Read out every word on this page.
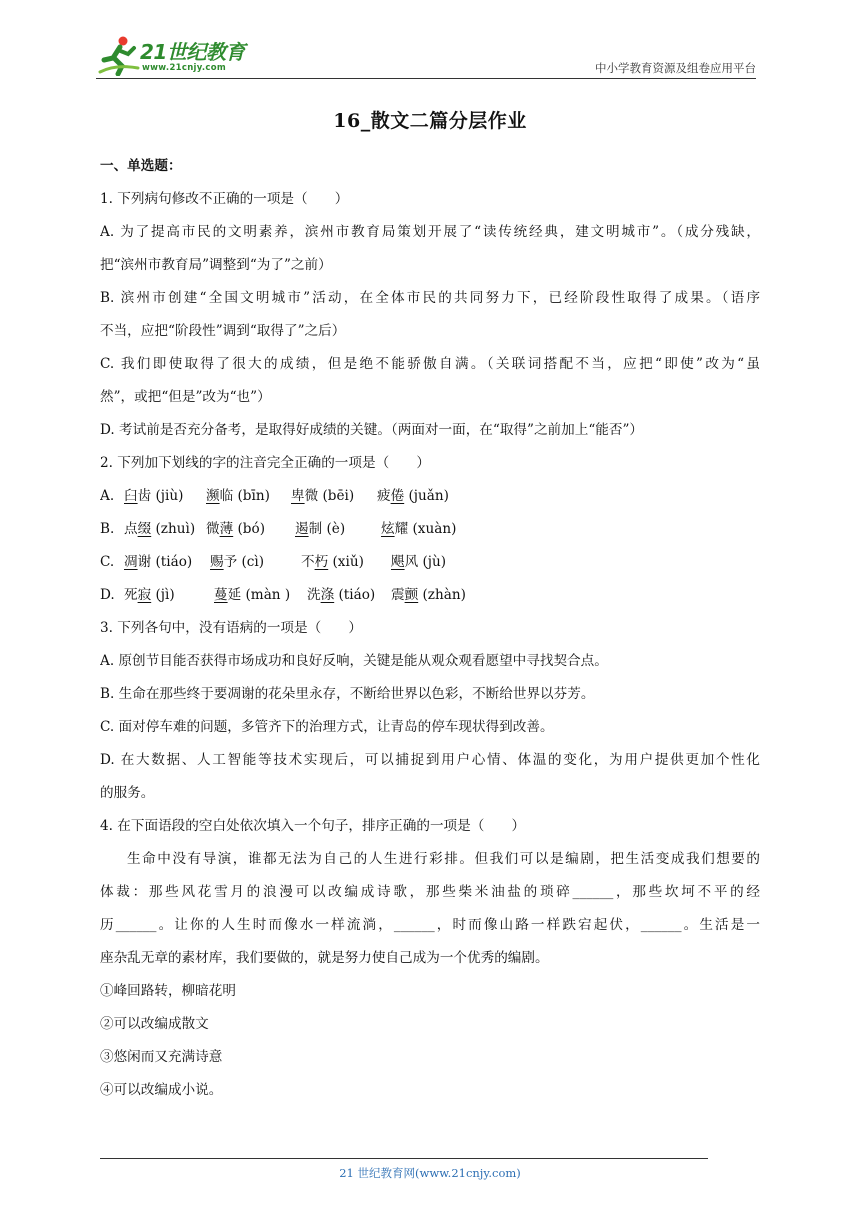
21世纪教育
www.21cnjy.com	中小学教育资源及组卷应用平台
16_散文二篇分层作业
一、单选题：
1. 下列病句修改不正确的一项是（　　）
A. 为了提高市民的文明素养，滨州市教育局策划开展了“读传统经典，建文明城市”。（成分残缺，
把“滨州市教育局”调整到“为了”之前）
B. 滨州市创建“全国文明城市”活动，在全体市民的共同努力下，已经阶段性取得了成果。（语序
不当，应把“阶段性”调到“取得了”之后）
C. 我们即使取得了很大的成绩，但是绝不能骄傲自满。（关联词搭配不当，应把“即使”改为“虽
然”，或把“但是”改为“也”）
D. 考试前是否充分备考，是取得好成绩的关键。（两面对一面，在“取得”之前加上“能否”）
2. 下列加下划线的字的注音完全正确的一项是（　　）
A. 臼齿 (jiù)	濒临 (bīn)	卑微 (bēi)	疲倦 (juǎn)
B. 点缀 (zhuì) 微薄 (bó)	遏制 (è)	炫耀 (xuàn)
C. 凋谢 (tiáo)	赐予 (cì)	不朽 (xiǔ)	飓风 (jù)
D. 死寂 (jì)	蔓延 (màn )	洗涤 (tiáo)	震颤 (zhàn)
3. 下列各句中，没有语病的一项是（　　）
A. 原创节目能否获得市场成功和良好反响，关键是能从观众观看愿望中寻找契合点。
B. 生命在那些终于要凋谢的花朵里永存，不断给世界以色彩，不断给世界以芬芳。
C. 面对停车难的问题，多管齐下的治理方式，让青岛的停车现状得到改善。
D. 在大数据、人工智能等技术实现后，可以捕捉到用户心情、体温的变化，为用户提供更加个性化
的服务。
4. 在下面语段的空白处依次填入一个句子，排序正确的一项是（　　）
生命中没有导演，谁都无法为自己的人生进行彩排。但我们可以是编剧，把生活变成我们想要的
体裁：那些风花雪月的浪漫可以改编成诗歌，那些柴米油盐的琐碎______，那些坎坷不平的经
历______。让你的人生时而像水一样流淌，______，时而像山路一样跌宕起伏，______。生活是一
座杂乱无章的素材库，我们要做的，就是努力使自己成为一个优秀的编剧。
①峰回路转，柳暗花明
②可以改编成散文
③悠闲而又充满诗意
④可以改编成小说。
21 世纪教育网(www.21cnjy.com)
